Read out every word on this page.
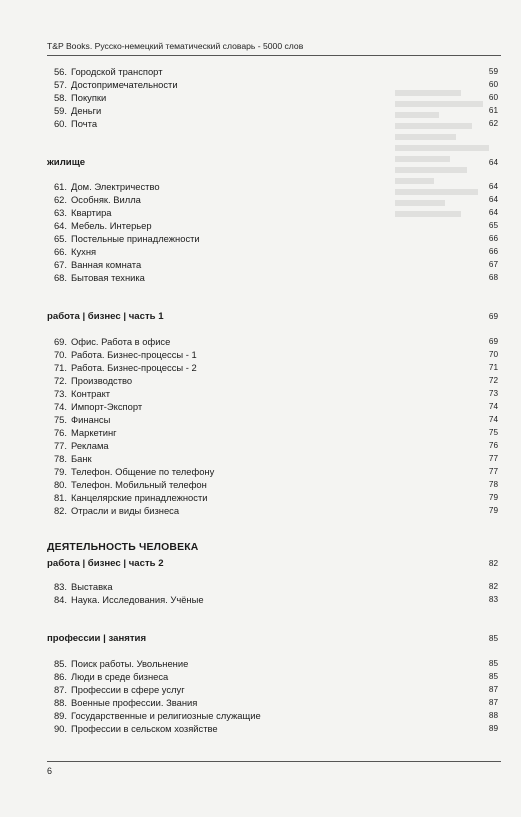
T&P Books. Русско-немецкий тематический словарь - 5000 слов
ДЕЯТЕЛЬНОСТЬ ЧЕЛОВЕКА
56. Городской транспорт	59
57. Достопримечательности	60
58. Покупки	60
59. Деньги	61
60. Почта	62
жилище	64
61. Дом. Электричество	64
62. Особняк. Вилла	64
63. Квартира	64
64. Мебель. Интерьер	65
65. Постельные принадлежности	66
66. Кухня	66
67. Ванная комната	67
68. Бытовая техника	68
работа | бизнес | часть 1	69
69. Офис. Работа в офисе	69
70. Работа. Бизнес-процессы - 1	70
71. Работа. Бизнес-процессы - 2	71
72. Производство	72
73. Контракт	73
74. Импорт-Экспорт	74
75. Финансы	74
76. Маркетинг	75
77. Реклама	76
78. Банк	77
79. Телефон. Общение по телефону	77
80. Телефон. Мобильный телефон	78
81. Канцелярские принадлежности	79
82. Отрасли и виды бизнеса	79
работа | бизнес | часть 2	82
83. Выставка	82
84. Наука. Исследования. Учёные	83
профессии | занятия	85
85. Поиск работы. Увольнение	85
86. Люди в среде бизнеса	85
87. Профессии в сфере услуг	87
88. Военные профессии. Звания	87
89. Государственные и религиозные служащие	88
90. Профессии в сельском хозяйстве	89
6
